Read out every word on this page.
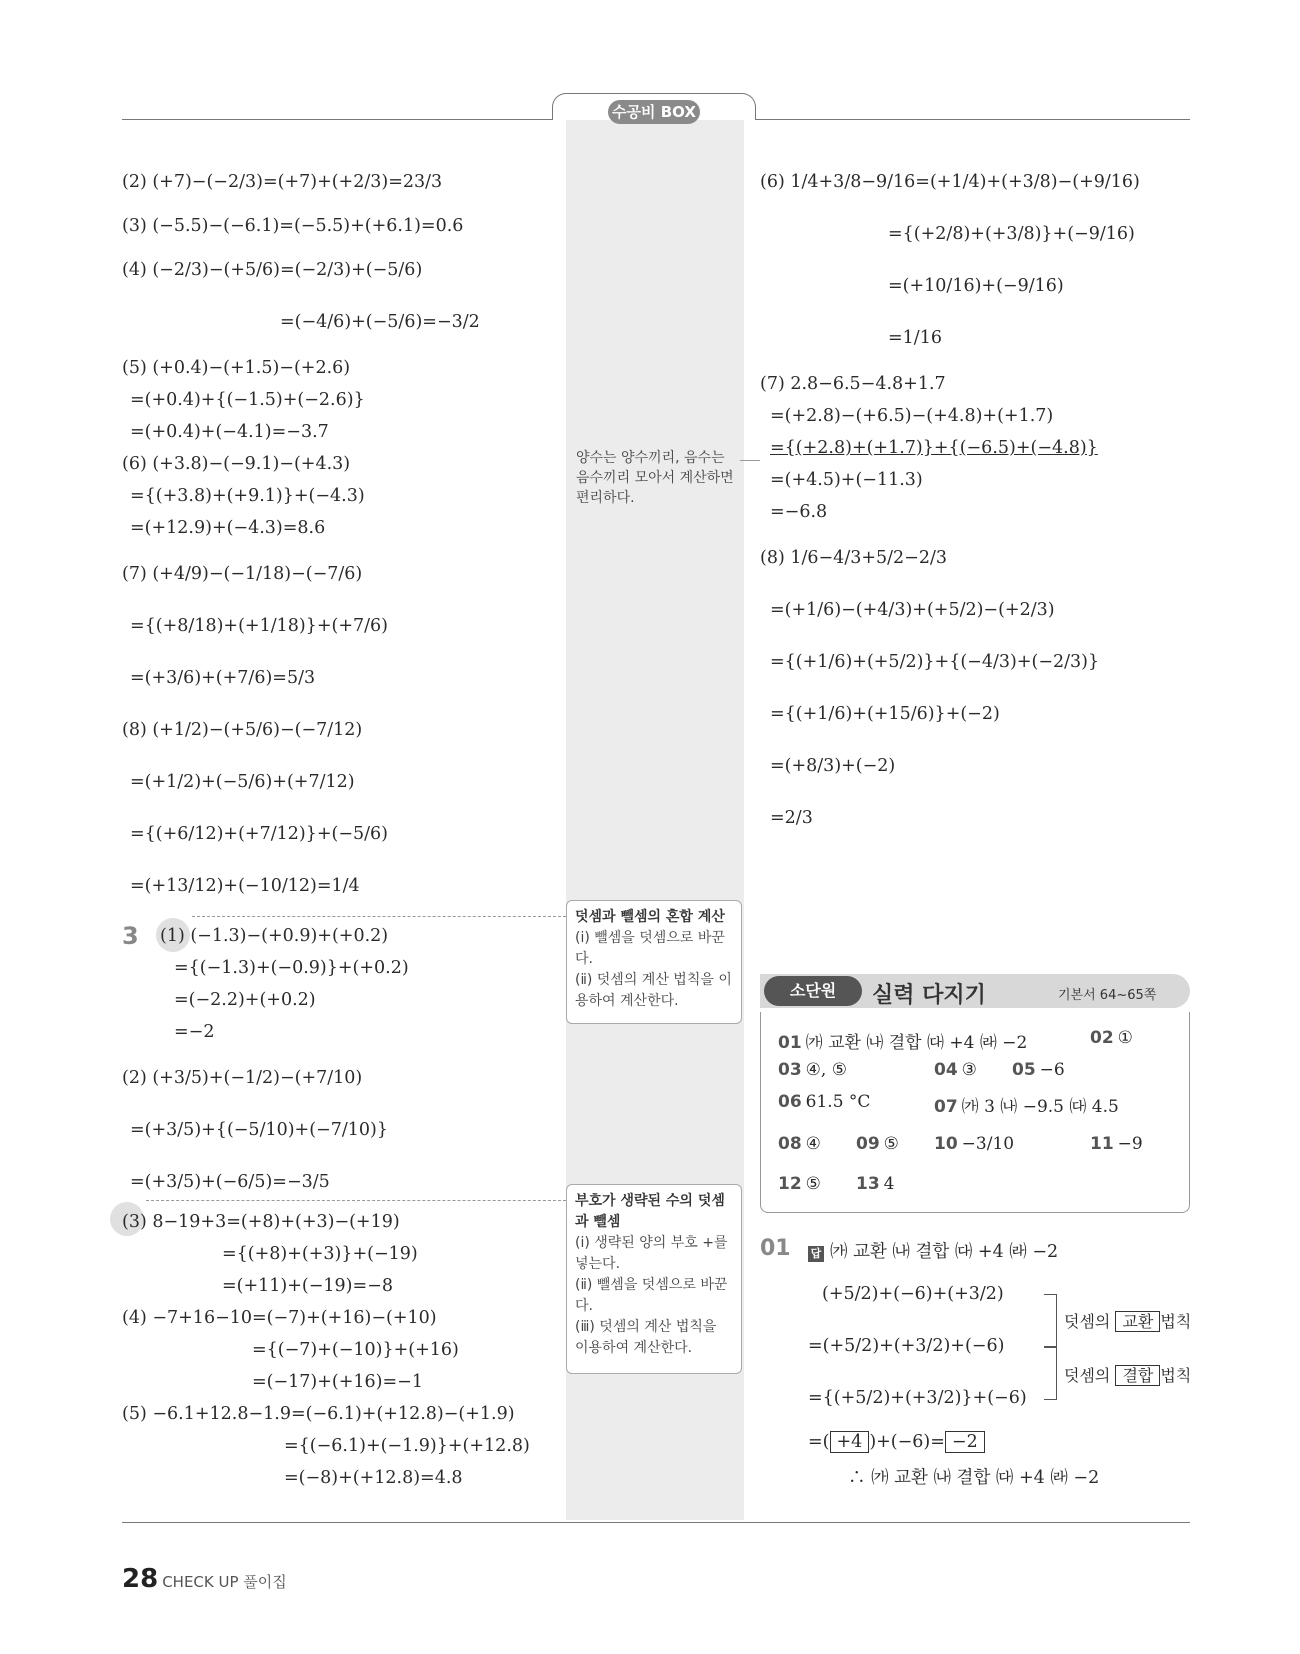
수공비 BOX
(2) (+7)−(−2/3)=(+7)+(+2/3)=23/3
(3) (−5.5)−(−6.1)=(−5.5)+(+6.1)=0.6
(4) (−2/3)−(+5/6)=(−2/3)+(−5/6)
=(−4/6)+(−5/6)=−3/2
(5) (+0.4)−(+1.5)−(+2.6)
=(+0.4)+{(−1.5)+(−2.6)}
=(+0.4)+(−4.1)=−3.7
(6) (+3.8)−(−9.1)−(+4.3)
={(+3.8)+(+9.1)}+(−4.3)
=(+12.9)+(−4.3)=8.6
(7) (+4/9)−(−1/18)−(−7/6)
={(+8/18)+(+1/18)}+(+7/6)
=(+3/6)+(+7/6)=5/3
(8) (+1/2)−(+5/6)−(−7/12)
=(+1/2)+(−5/6)+(+7/12)
={(+6/12)+(+7/12)}+(−5/6)
=(+13/12)+(−10/12)=1/4
3 (1) (−1.3)−(+0.9)+(+0.2)
={(−1.3)+(−0.9)}+(+0.2)
=(−2.2)+(+0.2)
=−2
(2) (+3/5)+(−1/2)−(+7/10)
=(+3/5)+{(−5/10)+(−7/10)}
=(+3/5)+(−6/5)=−3/5
(3) 8−19+3=(+8)+(+3)−(+19)
={(+8)+(+3)}+(−19)
=(+11)+(−19)=−8
(4) −7+16−10=(−7)+(+16)−(+10)
={(−7)+(−10)}+(+16)
=(−17)+(+16)=−1
(5) −6.1+12.8−1.9=(−6.1)+(+12.8)−(+1.9)
={(−6.1)+(−1.9)}+(+12.8)
=(−8)+(+12.8)=4.8
양수는 양수끼리, 음수는 음수끼리 모아서 계산하면 편리하다.
덧셈과 뺄셈의 혼합 계산
(ⅰ) 뺄셈을 덧셈으로 바꾼다.
(ⅱ) 덧셈의 계산 법칙을 이용하여 계산한다.
부호가 생략된 수의 덧셈과 뺄셈
(ⅰ) 생략된 양의 부호 +를 넣는다.
(ⅱ) 뺄셈을 덧셈으로 바꾼다.
(ⅲ) 덧셈의 계산 법칙을 이용하여 계산한다.
(6) 1/4+3/8−9/16=(+1/4)+(+3/8)−(+9/16)
={(+2/8)+(+3/8)}+(−9/16)
=(+10/16)+(−9/16)
=1/16
(7) 2.8−6.5−4.8+1.7
=(+2.8)−(+6.5)−(+4.8)+(+1.7)
={(+2.8)+(+1.7)}+{(−6.5)+(−4.8)}
=(+4.5)+(−11.3)
=−6.8
(8) 1/6−4/3+5/2−2/3
=(+1/6)−(+4/3)+(+5/2)−(+2/3)
={(+1/6)+(+5/2)}+{(−4/3)+(−2/3)}
={(+1/6)+(+15/6)}+(−2)
=(+8/3)+(−2)
=2/3
소단원	실력 다지기	기본서 64~65쪽
01 ㈎ 교환 ㈏ 결합 ㈐ +4 ㈑ −2	02 ①
03 ④, ⑤	04 ③ 05 −6
06 61.5 °C	07 ㈎ 3 ㈏ −9.5 ㈐ 4.5
08 ④ 09 ⑤ 10 −3/10	11 −9
12 ⑤ 13 4
01 답 ㈎ 교환 ㈏ 결합 ㈐ +4 ㈑ −2
(+5/2)+(−6)+(+3/2)
=(+5/2)+(+3/2)+(−6)
={(+5/2)+(+3/2)}+(−6)
=( +4 )+(−6)= −2
덧셈의 교환 법칙
덧셈의 결합 법칙
∴ ㈎ 교환 ㈏ 결합 ㈐ +4 ㈑ −2
28 CHECK UP 풀이집
